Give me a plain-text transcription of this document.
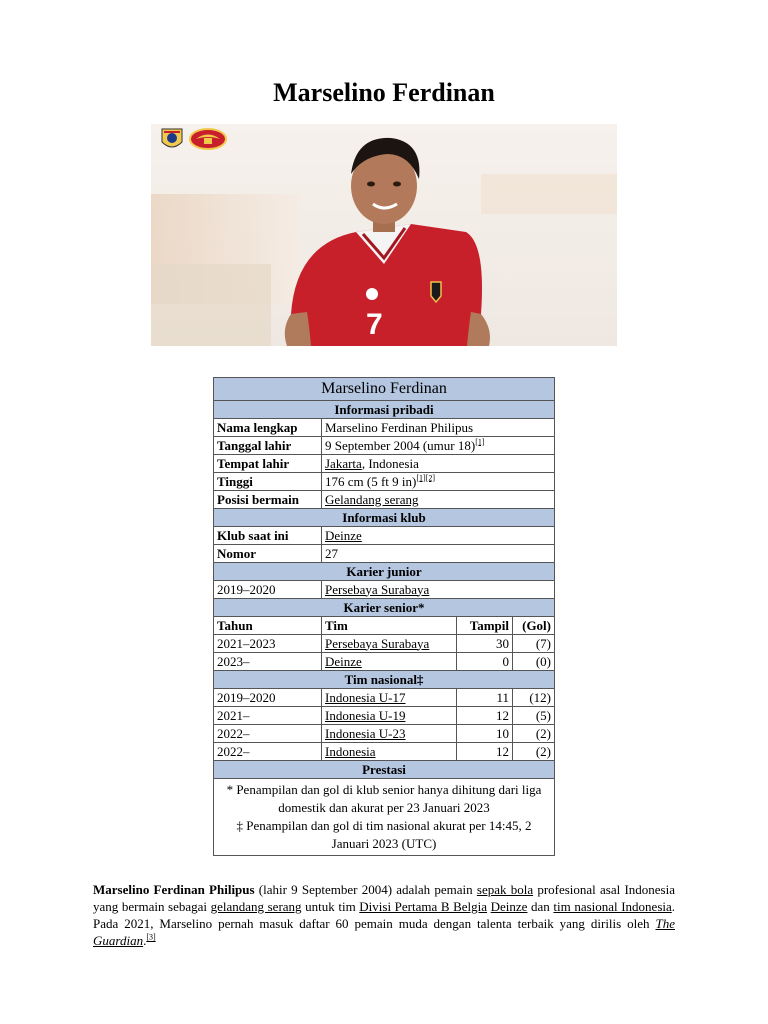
Marselino Ferdinan
7
Marselino Ferdinan			
Informasi pribadi			
Nama lengkap	Marselino Ferdinan Philipus		
Tanggal lahir	9 September 2004 (umur 18)[1]
Tempat lahir	Jakarta, Indonesia		
Tinggi	176 cm (5 ft 9 in)[1][2]
Posisi bermain	Gelandang serang		
Informasi klub			
Klub saat ini	Deinze		
Nomor	27		
Karier junior			
2019–2020	Persebaya Surabaya		
Karier senior*			
Tahun	Tim	Tampil	(Gol)
2021–2023	Persebaya Surabaya	30	(7)
2023–	Deinze	0	(0)
Tim nasional‡			
2019–2020	Indonesia U-17	11	(12)
2021–	Indonesia U-19	12	(5)
2022–	Indonesia U-23	10	(2)
2022–	Indonesia	12	(2)
Prestasi			

* Penampilan dan gol di klub senior hanya dihitung dari liga domestik dan akurat per 23 Januari 2023
‡ Penampilan dan gol di tim nasional akurat per 14:45, 2 Januari 2023 (UTC)			

Marselino Ferdinan Philipus (lahir 9 September 2004) adalah pemain sepak bola profesional asal Indonesia yang bermain sebagai gelandang serang untuk tim Divisi Pertama B Belgia Deinze dan tim nasional Indonesia. Pada 2021, Marselino pernah masuk daftar 60 pemain muda dengan talenta terbaik yang dirilis oleh The Guardian.[3]
